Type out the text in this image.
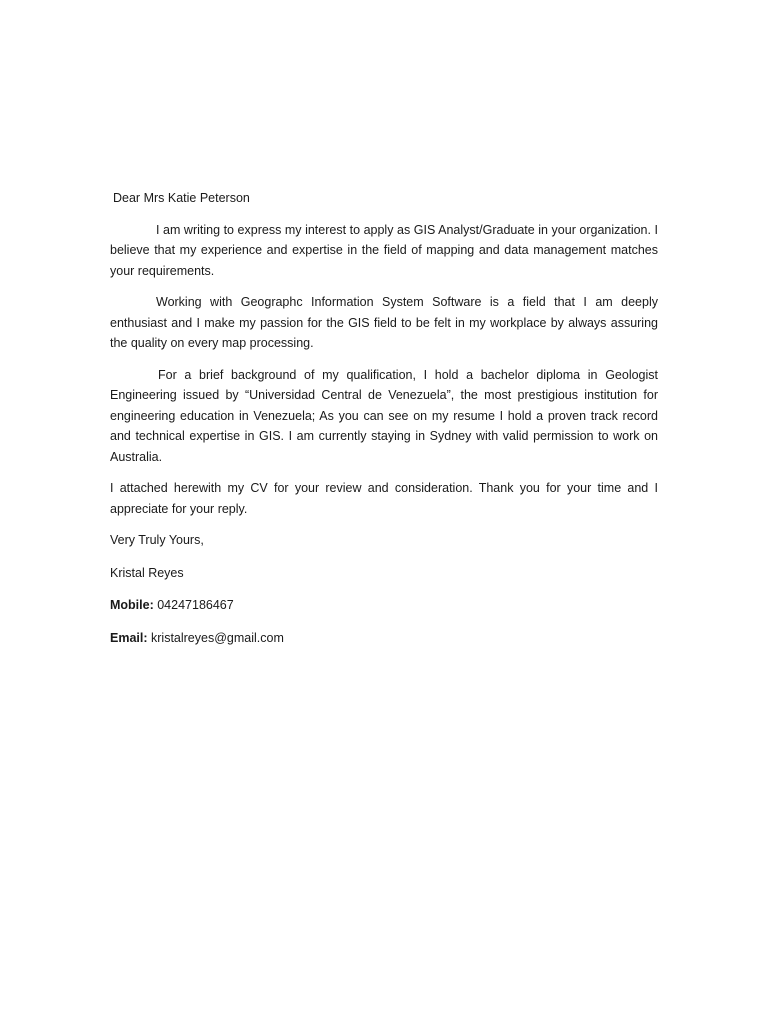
Dear Mrs Katie Peterson

I am writing to express my interest to apply as GIS Analyst/Graduate in your organization. I believe that my experience and expertise in the field of mapping and data management matches your requirements.

Working with Geographc Information System Software is a field that I am deeply enthusiast and I make my passion for the GIS field to be felt in my workplace by always assuring the quality on every map processing.

For a brief background of my qualification, I hold a bachelor diploma in Geologist Engineering issued by “Universidad Central de Venezuela”, the most prestigious institution for engineering education in Venezuela; As you can see on my resume I hold a proven track record and technical expertise in GIS. I am currently staying in Sydney with valid permission to work on Australia.

I attached herewith my CV for your review and consideration. Thank you for your time and I appreciate for your reply.

Very Truly Yours,
Kristal Reyes
Mobile: 04247186467
Email: kristalreyes@gmail.com
